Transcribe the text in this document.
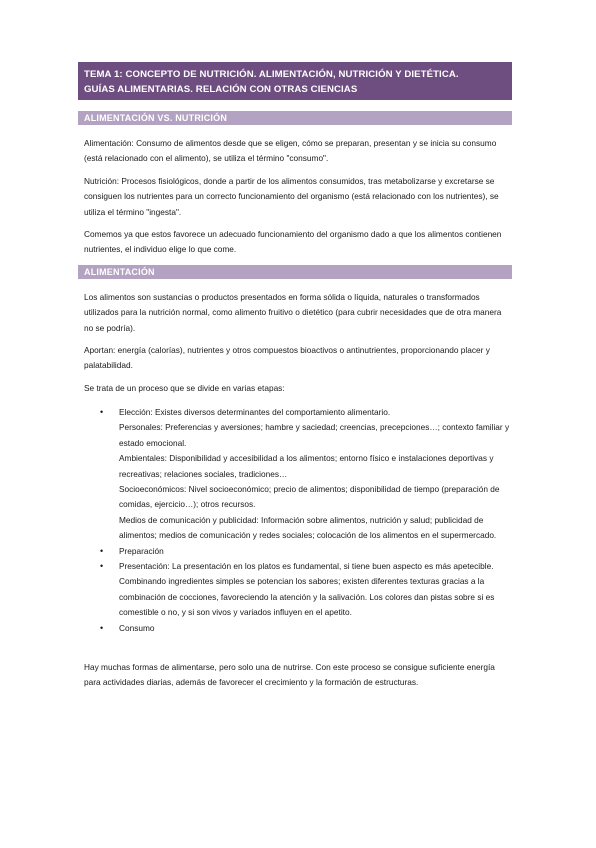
TEMA 1: CONCEPTO DE NUTRICIÓN. ALIMENTACIÓN, NUTRICIÓN Y DIETÉTICA.
GUÍAS ALIMENTARIAS. RELACIÓN CON OTRAS CIENCIAS
ALIMENTACIÓN VS. NUTRICIÓN

Alimentación: Consumo de alimentos desde que se eligen, cómo se preparan, presentan y se inicia su consumo (está relacionado con el alimento), se utiliza el término "consumo".

Nutrición: Procesos fisiológicos, donde a partir de los alimentos consumidos, tras metabolizarse y excretarse se consiguen los nutrientes para un correcto funcionamiento del organismo (está relacionado con los nutrientes), se utiliza el término "ingesta".

Comemos ya que estos favorece un adecuado funcionamiento del organismo dado a que los alimentos contienen nutrientes, el individuo elige lo que come.

ALIMENTACIÓN

Los alimentos son sustancias o productos presentados en forma sólida o líquida, naturales o transformados utilizados para la nutrición normal, como alimento fruitivo o dietético (para cubrir necesidades que de otra manera no se podría).

Aportan: energía (calorías), nutrientes y otros compuestos bioactivos o antinutrientes, proporcionando placer y palatabilidad.

Se trata de un proceso que se divide en varias etapas:

• Elección: Existes diversos determinantes del comportamiento alimentario.
Personales: Preferencias y aversiones; hambre y saciedad; creencias, precepciones…; contexto familiar y estado emocional.
Ambientales: Disponibilidad y accesibilidad a los alimentos; entorno físico e instalaciones deportivas y recreativas; relaciones sociales, tradiciones…
Socioeconómicos: Nivel socioeconómico; precio de alimentos; disponibilidad de tiempo (preparación de comidas, ejercicio…); otros recursos.
Medios de comunicación y publicidad: Información sobre alimentos, nutrición y salud; publicidad de alimentos; medios de comunicación y redes sociales; colocación de los alimentos en el supermercado.
• Preparación
• Presentación: La presentación en los platos es fundamental, si tiene buen aspecto es más apetecible.
Combinando ingredientes simples se potencian los sabores; existen diferentes texturas gracias a la combinación de cocciones, favoreciendo la atención y la salivación. Los colores dan pistas sobre si es comestible o no, y si son vivos y variados influyen en el apetito.
• Consumo

Hay muchas formas de alimentarse, pero solo una de nutrirse. Con este proceso se consigue suficiente energía para actividades diarias, además de favorecer el crecimiento y la formación de estructuras.
